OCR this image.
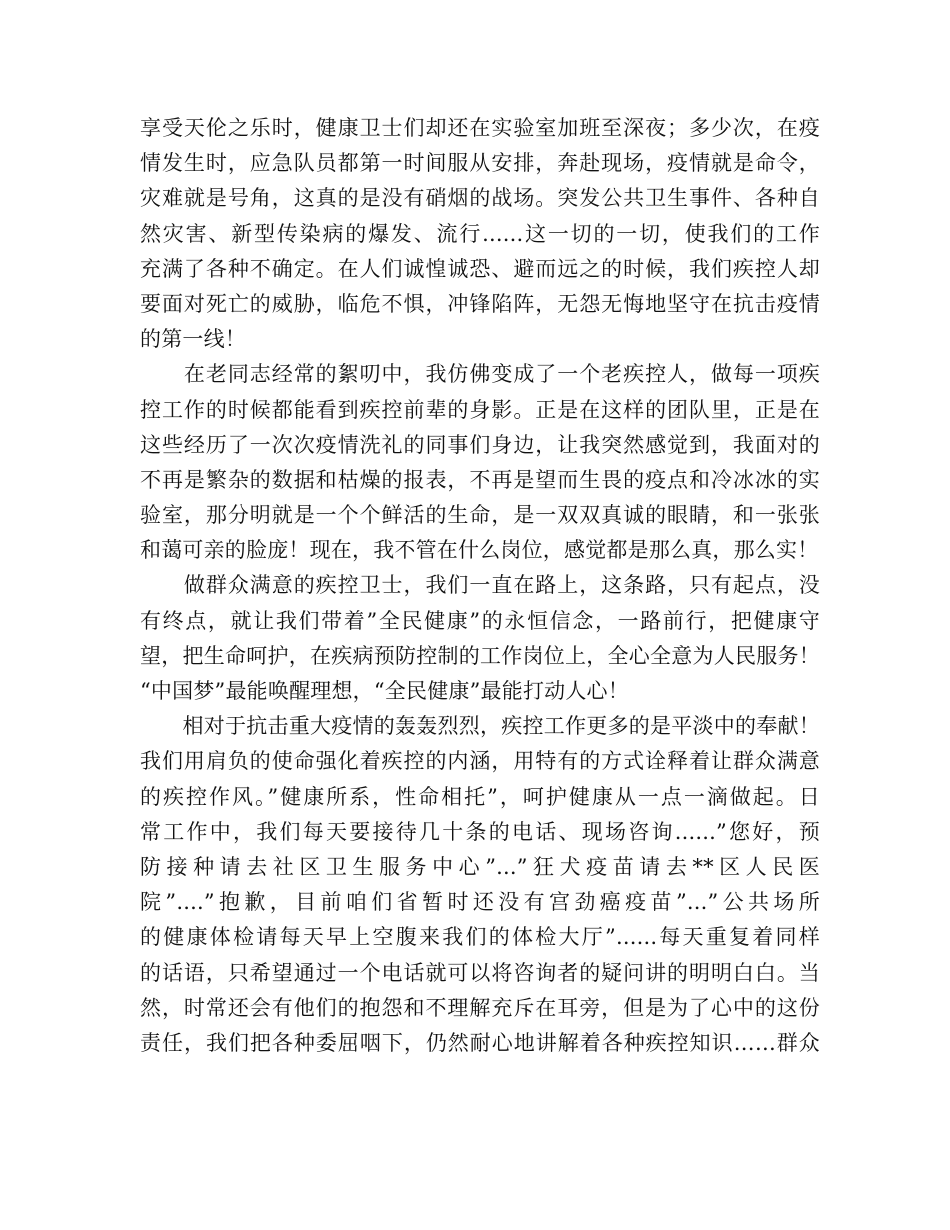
享受天伦之乐时，健康卫士们却还在实验室加班至深夜；多少次，在疫
情发生时，应急队员都第一时间服从安排，奔赴现场，疫情就是命令，
灾难就是号角，这真的是没有硝烟的战场。突发公共卫生事件、各种自
然灾害、新型传染病的爆发、流行......这一切的一切，使我们的工作
充满了各种不确定。在人们诚惶诚恐、避而远之的时候，我们疾控人却
要面对死亡的威胁，临危不惧，冲锋陷阵，无怨无悔地坚守在抗击疫情
的第一线！
　　在老同志经常的絮叨中，我仿佛变成了一个老疾控人，做每一项疾
控工作的时候都能看到疾控前辈的身影。正是在这样的团队里，正是在
这些经历了一次次疫情洗礼的同事们身边，让我突然感觉到，我面对的
不再是繁杂的数据和枯燥的报表，不再是望而生畏的疫点和冷冰冰的实
验室，那分明就是一个个鲜活的生命，是一双双真诚的眼睛，和一张张
和蔼可亲的脸庞！现在，我不管在什么岗位，感觉都是那么真，那么实！
　　做群众满意的疾控卫士，我们一直在路上，这条路，只有起点，没
有终点，就让我们带着”全民健康”的永恒信念，一路前行，把健康守
望，把生命呵护，在疾病预防控制的工作岗位上，全心全意为人民服务！
“中国梦”最能唤醒理想，“全民健康”最能打动人心！
　　相对于抗击重大疫情的轰轰烈烈，疾控工作更多的是平淡中的奉献！
我们用肩负的使命强化着疾控的内涵，用特有的方式诠释着让群众满意
的疾控作风。”健康所系，性命相托”，呵护健康从一点一滴做起。日
常工作中，我们每天要接待几十条的电话、现场咨询......”您好，预
防接种请去社区卫生服务中心”...”狂犬疫苗请去**区人民医
院”....”抱歉，目前咱们省暂时还没有宫劲癌疫苗”...”公共场所
的健康体检请每天早上空腹来我们的体检大厅”......每天重复着同样
的话语，只希望通过一个电话就可以将咨询者的疑问讲的明明白白。当
然，时常还会有他们的抱怨和不理解充斥在耳旁，但是为了心中的这份
责任，我们把各种委屈咽下，仍然耐心地讲解着各种疾控知识……群众
